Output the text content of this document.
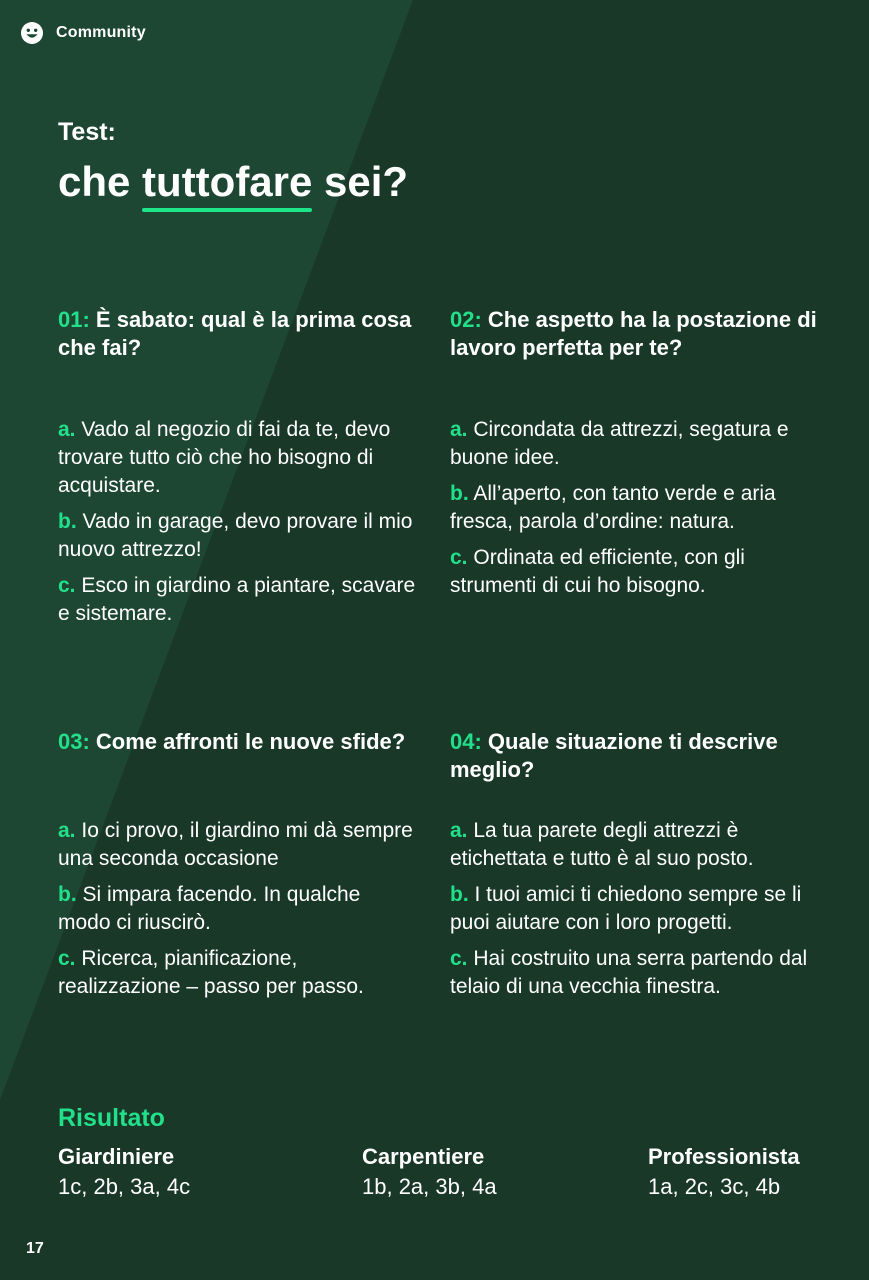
Community
Test:
che tuttofare sei?

01: È sabato: qual è la prima cosa che fai?

a. Vado al negozio di fai da te, devo trovare tutto ciò che ho bisogno di acquistare.

b. Vado in garage, devo provare il mio nuovo attrezzo!

c. Esco in giardino a piantare, scavare e sistemare.

02: Che aspetto ha la postazione di lavoro perfetta per te?

a. Circondata da attrezzi, segatura e buone idee.

b. All’aperto, con tanto verde e aria fresca, parola d’ordine: natura.

c. Ordinata ed efficiente, con gli strumenti di cui ho bisogno.

03: Come affronti le nuove sfide?

a. Io ci provo, il giardino mi dà sempre una seconda occasione

b. Si impara facendo. In qualche modo ci riuscirò.

c. Ricerca, pianificazione, realizzazione – passo per passo.

04: Quale situazione ti descrive meglio?

a. La tua parete degli attrezzi è etichettata e tutto è al suo posto.

b. I tuoi amici ti chiedono sempre se li puoi aiutare con i loro progetti.

c. Hai costruito una serra partendo dal telaio di una vecchia finestra.

Risultato
Giardiniere
1c, 2b, 3a, 4c
Carpentiere
1b, 2a, 3b, 4a
Professionista
1a, 2c, 3c, 4b
17
